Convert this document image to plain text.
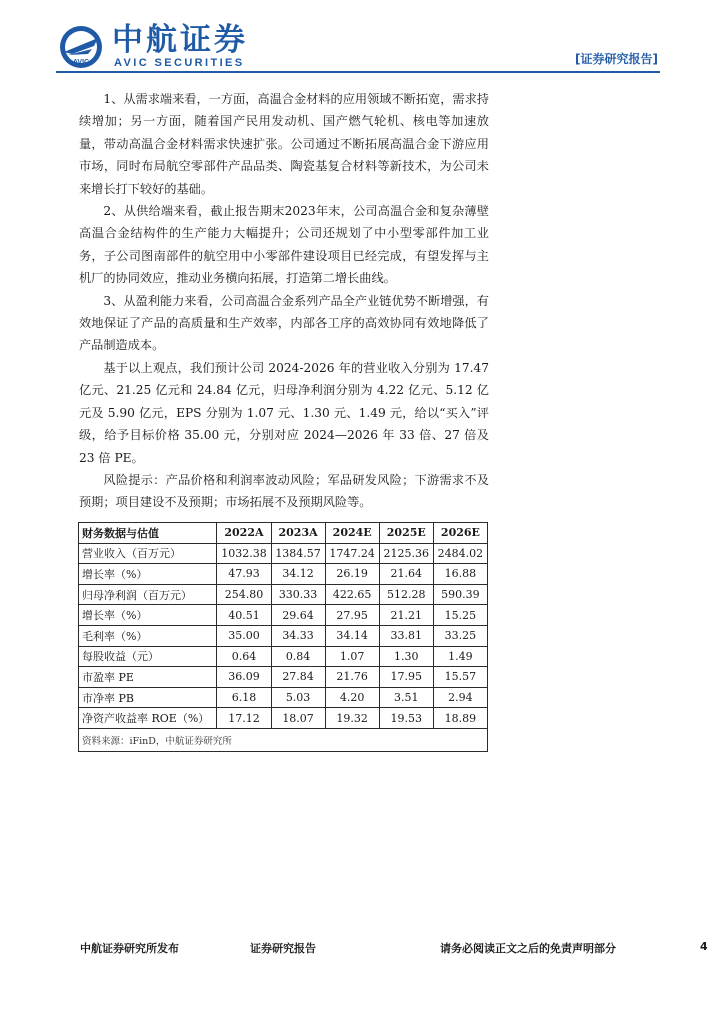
AVIC
中航证券
AVIC SECURITIES	[证券研究报告]

1、从需求端来看，一方面，高温合金材料的应用领域不断拓宽，需求持续增加；另一方面，随着国产民用发动机、国产燃气轮机、核电等加速放量，带动高温合金材料需求快速扩张。公司通过不断拓展高温合金下游应用市场，同时布局航空零部件产品品类、陶瓷基复合材料等新技术，为公司未来增长打下较好的基础。

2、从供给端来看，截止报告期末2023年末，公司高温合金和复杂薄壁高温合金结构件的生产能力大幅提升；公司还规划了中小型零部件加工业务，子公司图南部件的航空用中小零部件建设项目已经完成，有望发挥与主机厂的协同效应，推动业务横向拓展，打造第二增长曲线。

3、从盈利能力来看，公司高温合金系列产品全产业链优势不断增强，有效地保证了产品的高质量和生产效率，内部各工序的高效协同有效地降低了产品制造成本。

基于以上观点，我们预计公司 2024-2026 年的营业收入分别为 17.47 亿元、21.25 亿元和 24.84 亿元，归母净利润分别为 4.22 亿元、5.12 亿元及 5.90 亿元，EPS 分别为 1.07 元、1.30 元、1.49 元，给以“买入”评级，给予目标价格 35.00 元，分别对应 2024—2026 年 33 倍、27 倍及 23 倍 PE。

风险提示：产品价格和利润率波动风险；军品研发风险；下游需求不及预期；项目建设不及预期；市场拓展不及预期风险等。

财务数据与估值	2022A	2023A	2024E	2025E	2026E
营业收入（百万元）	1032.38	1384.57	1747.24	2125.36	2484.02
增长率（%）	47.93	34.12	26.19	21.64	16.88
归母净利润（百万元）	254.80	330.33	422.65	512.28	590.39
增长率（%）	40.51	29.64	27.95	21.21	15.25
毛利率（%）	35.00	34.33	34.14	33.81	33.25
每股收益（元）	0.64	0.84	1.07	1.30	1.49
市盈率 PE	36.09	27.84	21.76	17.95	15.57
市净率 PB	6.18	5.03	4.20	3.51	2.94
净资产收益率 ROE（%）	17.12	18.07	19.32	19.53	18.89
资料来源：iFinD，中航证券研究所					
中航证券研究所发布	证券研究报告	请务必阅读正文之后的免责声明部分	4
